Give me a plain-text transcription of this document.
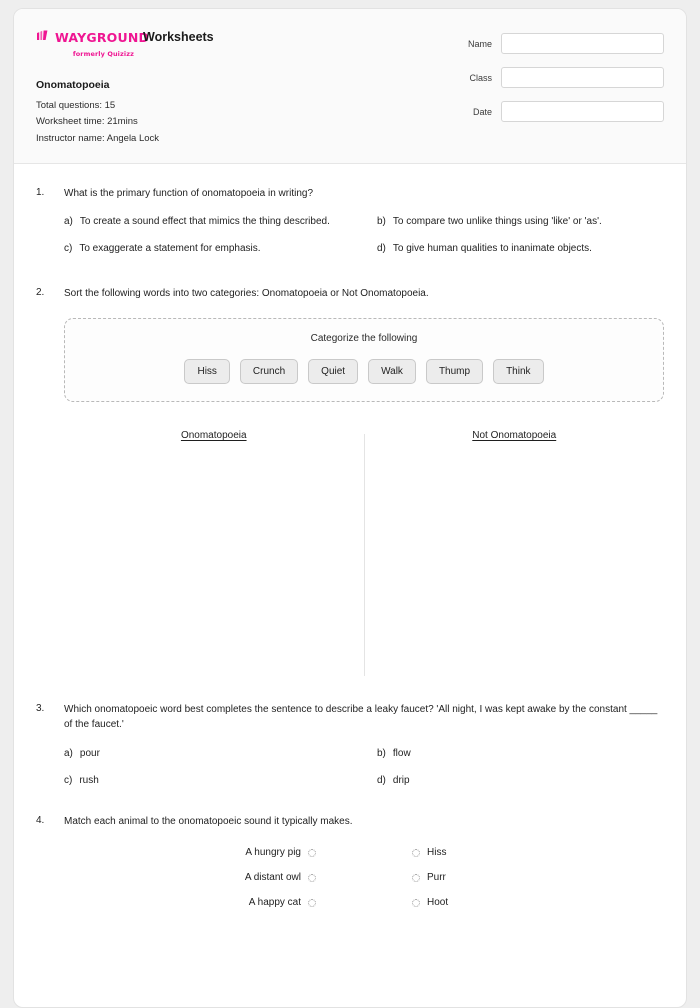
WAYGROUND
formerly Quizizz
Worksheets
Onomatopoeia
Total questions: 15
Worksheet time: 21mins
Instructor name: Angela Lock
Name
Class
Date
1.	What is the primary function of onomatopoeia in writing?
a) To create a sound effect that mimics the thing described.	b) To compare two unlike things using 'like' or 'as'.
c) To exaggerate a statement for emphasis.	d) To give human qualities to inanimate objects.
2.	Sort the following words into two categories: Onomatopoeia or Not Onomatopoeia.
Categorize the following
Hiss	Crunch	Quiet	Walk	Thump	Think
Onomatopoeia	Not Onomatopoeia
3.	Which onomatopoeic word best completes the sentence to describe a leaky faucet? 'All night, I was kept awake by the constant _____ of the faucet.'
a) pour	b) flow
c) rush	d) drip
4.	Match each animal to the onomatopoeic sound it typically makes.
A hungry pig	Hiss
A distant owl	Purr
A happy cat	Hoot
